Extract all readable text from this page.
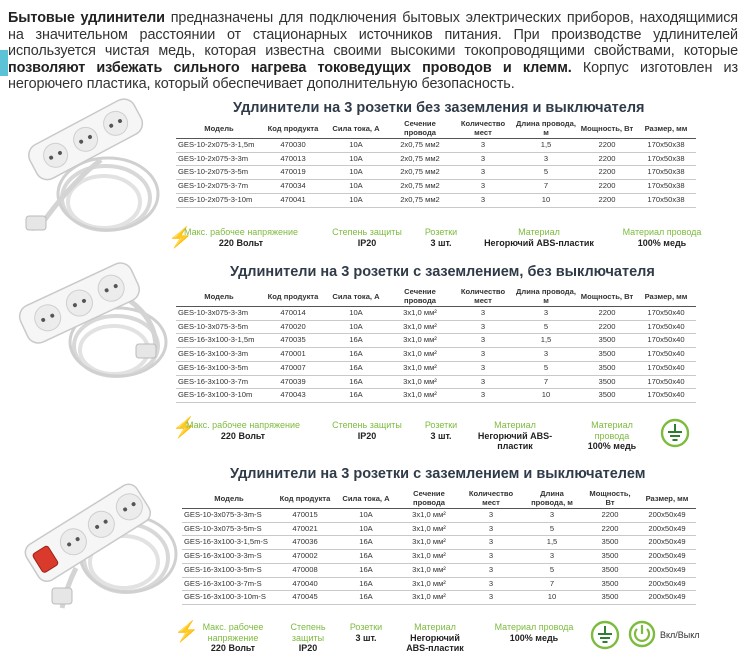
Бытовые удлинители предназначены для подключения бытовых электрических приборов, находящимися на значительном расстоянии от стационарных источников питания. При производстве удлинителей используется чистая медь, которая известна своими высокими токопроводящими свойствами, которые позволяют избежать сильного нагрева токоведущих проводов и клемм. Корпус изготовлен из негорючего пластика, который обеспечивает дополнительную безопасность.
Удлинители на 3 розетки без заземления и выключателя
Модель	Код продукта	Сила тока, А	Сечение провода	Количество мест	Длина провода, м	Мощность, Вт	Размер, мм
GES-10-2x075-3-1,5m	470030	10A	2x0,75 мм2	3	1,5	2200	170x50x38
GES-10-2x075-3-3m	470013	10A	2x0,75 мм2	3	3	2200	170x50x38
GES-10-2x075-3-5m	470019	10A	2x0,75 мм2	3	5	2200	170x50x38
GES-10-2x075-3-7m	470034	10A	2x0,75 мм2	3	7	2200	170x50x38
GES-10-2x075-3-10m	470041	10A	2x0,75 мм2	3	10	2200	170x50x38
⚡
Макс. рабочее напряжение
220 Вольт
Степень защиты
IP20
Розетки
3 шт.
Материал
Негорючий ABS-пластик
Материал провода
100% медь
Удлинители на 3 розетки с заземлением, без выключателя
Модель	Код продукта	Сила тока, А	Сечение провода	Количество мест	Длина провода, м	Мощность, Вт	Размер, мм
GES-10-3x075-3-3m	470014	10A	3x1,0 мм²	3	3	2200	170x50x40
GES-10-3x075-3-5m	470020	10A	3x1,0 мм²	3	5	2200	170x50x40
GES-16-3x100-3-1,5m	470035	16A	3x1,0 мм²	3	1,5	3500	170x50x40
GES-16-3x100-3-3m	470001	16A	3x1,0 мм²	3	3	3500	170x50x40
GES-16-3x100-3-5m	470007	16A	3x1,0 мм²	3	5	3500	170x50x40
GES-16-3x100-3-7m	470039	16A	3x1,0 мм²	3	7	3500	170x50x40
GES-16-3x100-3-10m	470043	16A	3x1,0 мм²	3	10	3500	170x50x40
⚡
Макс. рабочее напряжение
220 Вольт
Степень защиты
IP20
Розетки
3 шт.
Материал
Негорючий ABS-пластик
Материал провода
100% медь
Удлинители на 3 розетки с заземлением и выключателем
Модель	Код продукта	Сила тока, А	Сечение провода	Количество мест	Длина провода, м	Мощность, Вт	Размер, мм
GES-10-3x075-3-3m-S	470015	10A	3x1,0 мм²	3	3	2200	200x50x49
GES-10-3x075-3-5m-S	470021	10A	3x1,0 мм²	3	5	2200	200x50x49
GES-16-3x100-3-1,5m-S	470036	16A	3x1,0 мм²	3	1,5	3500	200x50x49
GES-16-3x100-3-3m-S	470002	16A	3x1,0 мм²	3	3	3500	200x50x49
GES-16-3x100-3-5m-S	470008	16A	3x1,0 мм²	3	5	3500	200x50x49
GES-16-3x100-3-7m-S	470040	16A	3x1,0 мм²	3	7	3500	200x50x49
GES-16-3x100-3-10m-S	470045	16A	3x1,0 мм²	3	10	3500	200x50x49
⚡ Макс. рабочее напряжение
220 Вольт
Степень защиты
IP20
Розетки
3 шт.
Материал
Негорючий ABS-пластик
Материал провода
100% медь	Вкл/Выкл
